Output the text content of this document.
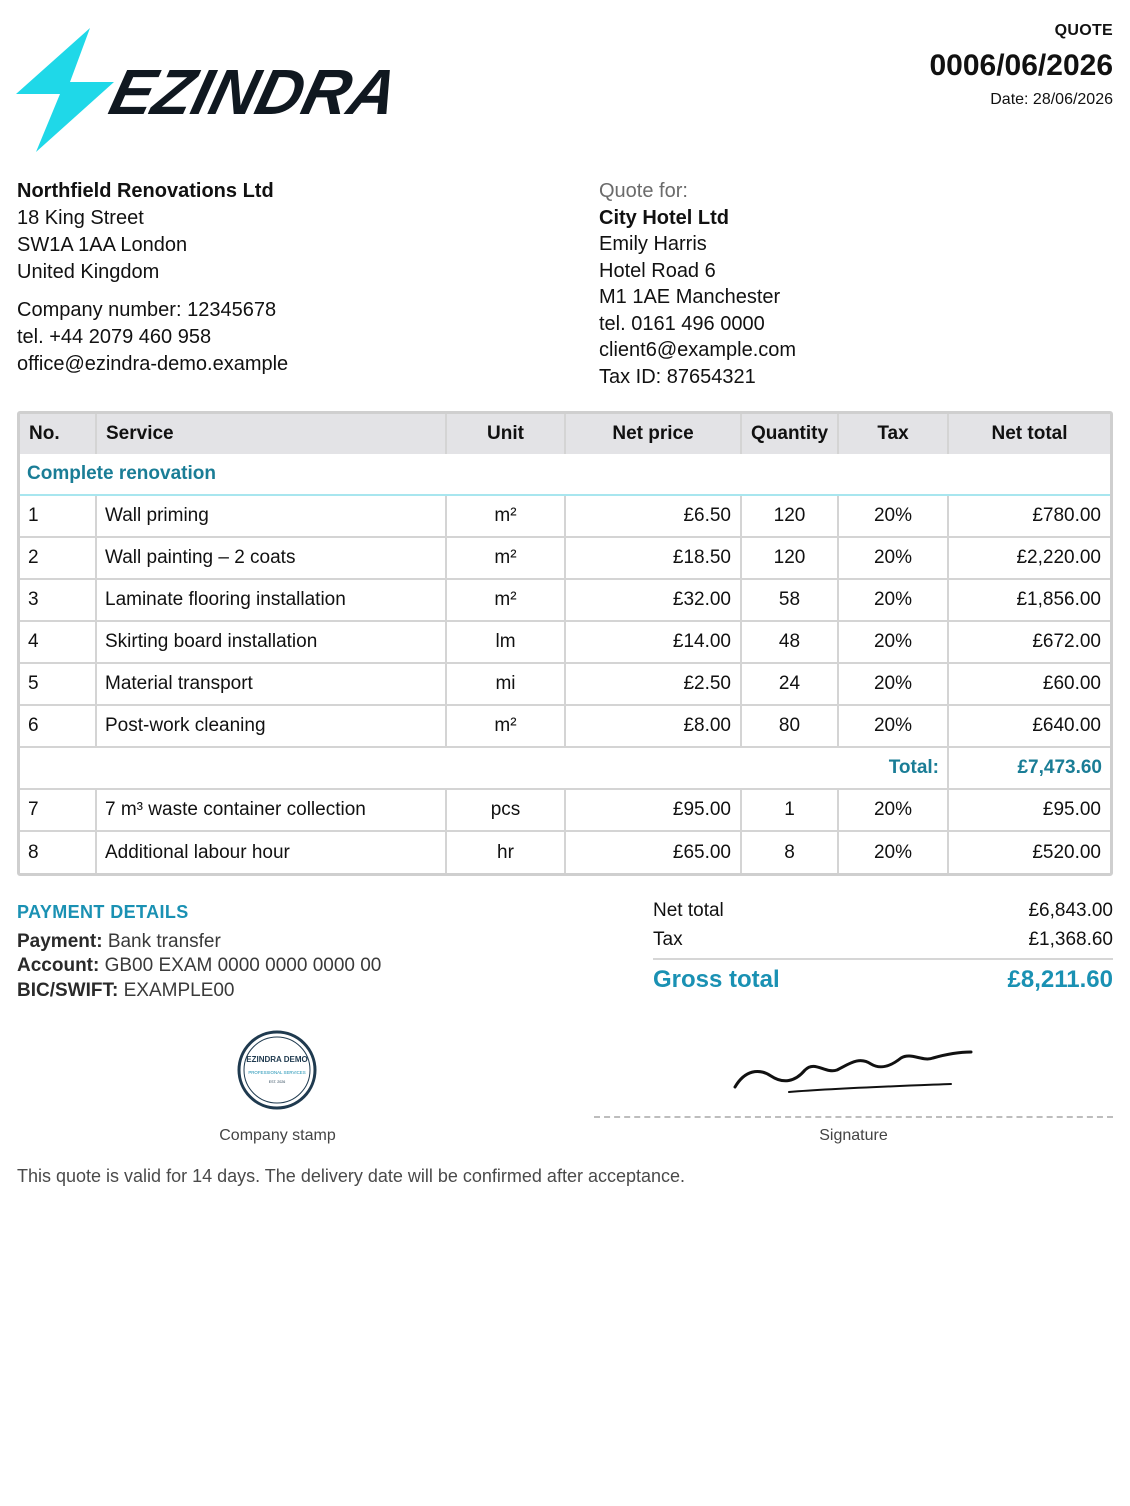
EZINDRA
QUOTE
0006/06/2026
Date: 28/06/2026
Northfield Renovations Ltd
18 King Street
SW1A 1AA London
United Kingdom
Company number: 12345678
tel. +44 2079 460 958
office@ezindra-demo.example
Quote for:
City Hotel Ltd
Emily Harris
Hotel Road 6
M1 1AE Manchester
tel. 0161 496 0000
client6@example.com
Tax ID: 87654321
No.	Service	Unit	Net price	Quantity	Tax	Net total
Complete renovation						
1	Wall priming	m²	£6.50	120	20%	£780.00
2	Wall painting – 2 coats	m²	£18.50	120	20%	£2,220.00
3	Laminate flooring installation	m²	£32.00	58	20%	£1,856.00
4	Skirting board installation	lm	£14.00	48	20%	£672.00
5	Material transport	mi	£2.50	24	20%	£60.00
6	Post-work cleaning	m²	£8.00	80	20%	£640.00
Total:						£7,473.60
7	7 m³ waste container collection	pcs	£95.00	1	20%	£95.00
8	Additional labour hour	hr	£65.00	8	20%	£520.00
PAYMENT DETAILS
Payment: Bank transfer
Account: GB00 EXAM 0000 0000 0000 00
BIC/SWIFT: EXAMPLE00
Net total	£6,843.00
Tax	£1,368.60
Gross total	£8,211.60
EZINDRA DEMO
PROFESSIONAL SERVICES
EST. 2026
Company stamp	Signature
This quote is valid for 14 days. The delivery date will be confirmed after acceptance.
